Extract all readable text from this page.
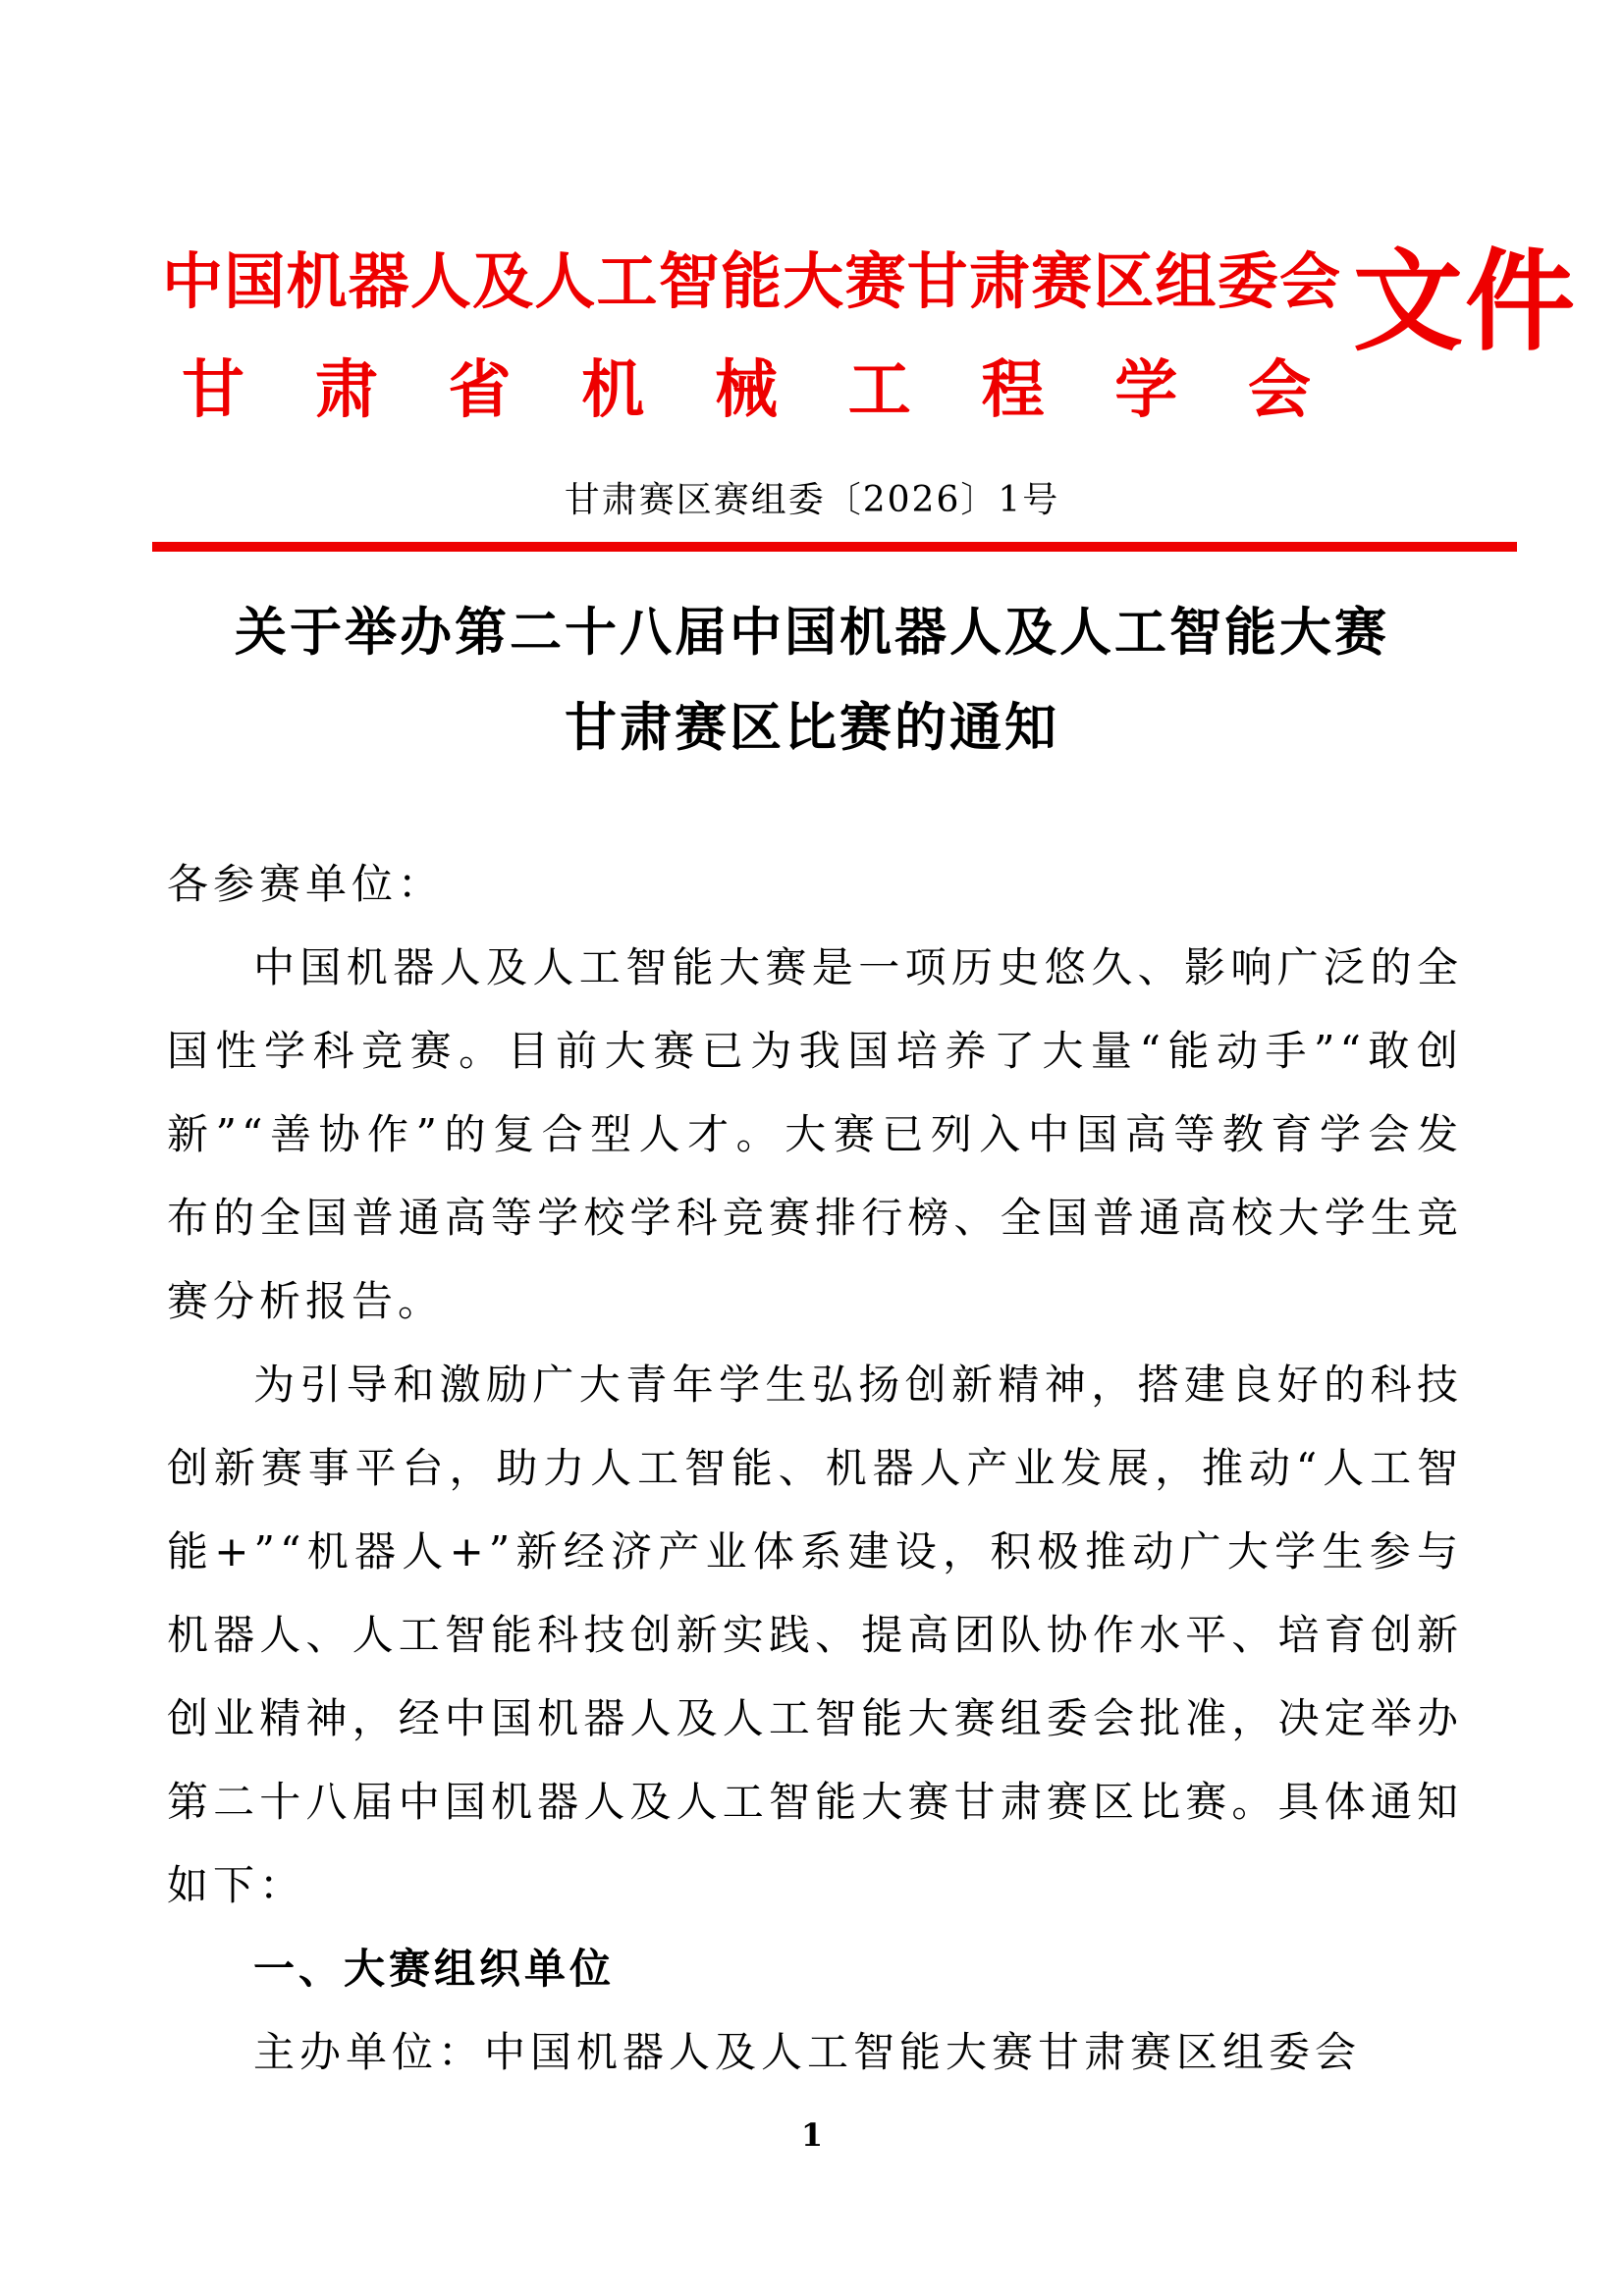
中国机器人及人工智能大赛甘肃赛区组委会
甘肃省机械工程学会
文件
甘肃赛区赛组委〔2026〕1号
关于举办第二十八届中国机器人及人工智能大赛
甘肃赛区比赛的通知
各参赛单位：
中国机器人及人工智能大赛是一项历史悠久、影响广泛的全
国性学科竞赛。目前大赛已为我国培养了大量“能动手”“敢创
新”“善协作”的复合型人才。大赛已列入中国高等教育学会发
布的全国普通高等学校学科竞赛排行榜、全国普通高校大学生竞
赛分析报告。
为引导和激励广大青年学生弘扬创新精神，搭建良好的科技
创新赛事平台，助力人工智能、机器人产业发展，推动“人工智
能+”“机器人+”新经济产业体系建设，积极推动广大学生参与
机器人、人工智能科技创新实践、提高团队协作水平、培育创新
创业精神，经中国机器人及人工智能大赛组委会批准，决定举办
第二十八届中国机器人及人工智能大赛甘肃赛区比赛。具体通知
如下：
一、大赛组织单位
主办单位：中国机器人及人工智能大赛甘肃赛区组委会
1
